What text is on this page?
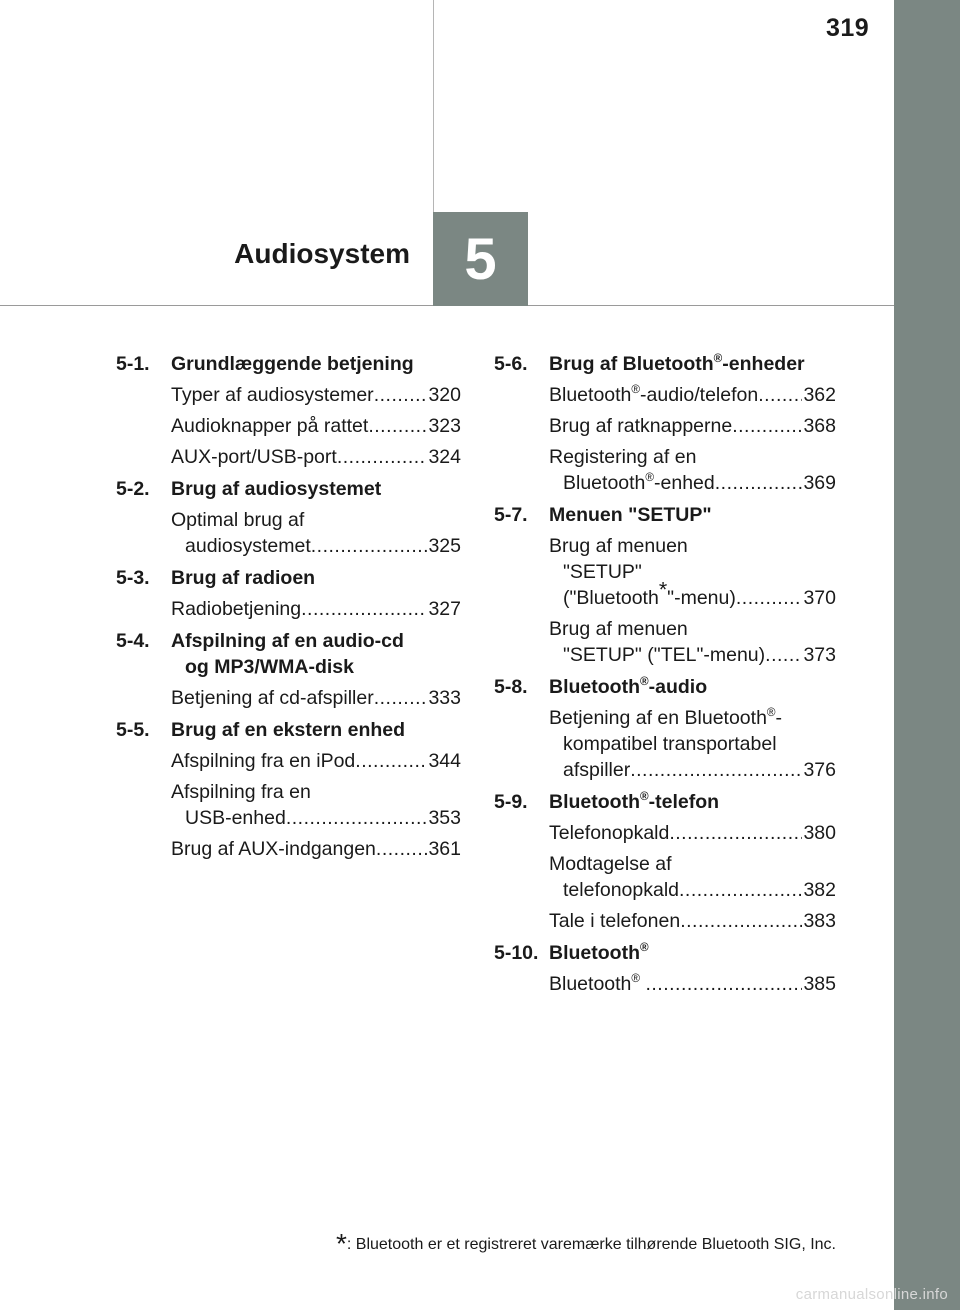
319
Audiosystem 5
5-1.	Grundlæggende betjening
Typer af audiosystemer .....	320
Audioknapper på rattet .....	323
AUX-port/USB-port .....	324
5-2.	Brug af audiosystemet
Optimal brug af
audiosystemet .....	325
5-3.	Brug af radioen
Radiobetjening .....	327
5-4.	Afspilning af en audio-cd
og MP3/WMA-disk
Betjening af cd-afspiller .....	333
5-5.	Brug af en ekstern enhed
Afspilning fra en iPod .....	344
Afspilning fra en
USB-enhed .....	353
Brug af AUX-indgangen .....	361
5-6.	Brug af Bluetooth®-enheder
Bluetooth®-audio/telefon ..... 362
Brug af ratknapperne .....	368
Registering af en
Bluetooth®-enhed .....	369
5-7.	Menuen "SETUP"
Brug af menuen
"SETUP"
("Bluetooth*"-menu) .....	370
Brug af menuen
"SETUP" ("TEL"-menu) ..... 373
5-8.	Bluetooth®-audio
Betjening af en Bluetooth®-
kompatibel transportabel
afspiller .....	376
5-9.	Bluetooth®-telefon
Telefonopkald .....	380
Modtagelse af
telefonopkald .....	382
Tale i telefonen .....	383
5-10. Bluetooth®
Bluetooth® .....	385
*: Bluetooth er et registreret varemærke tilhørende Bluetooth SIG, Inc.
carmanualsonline.info
